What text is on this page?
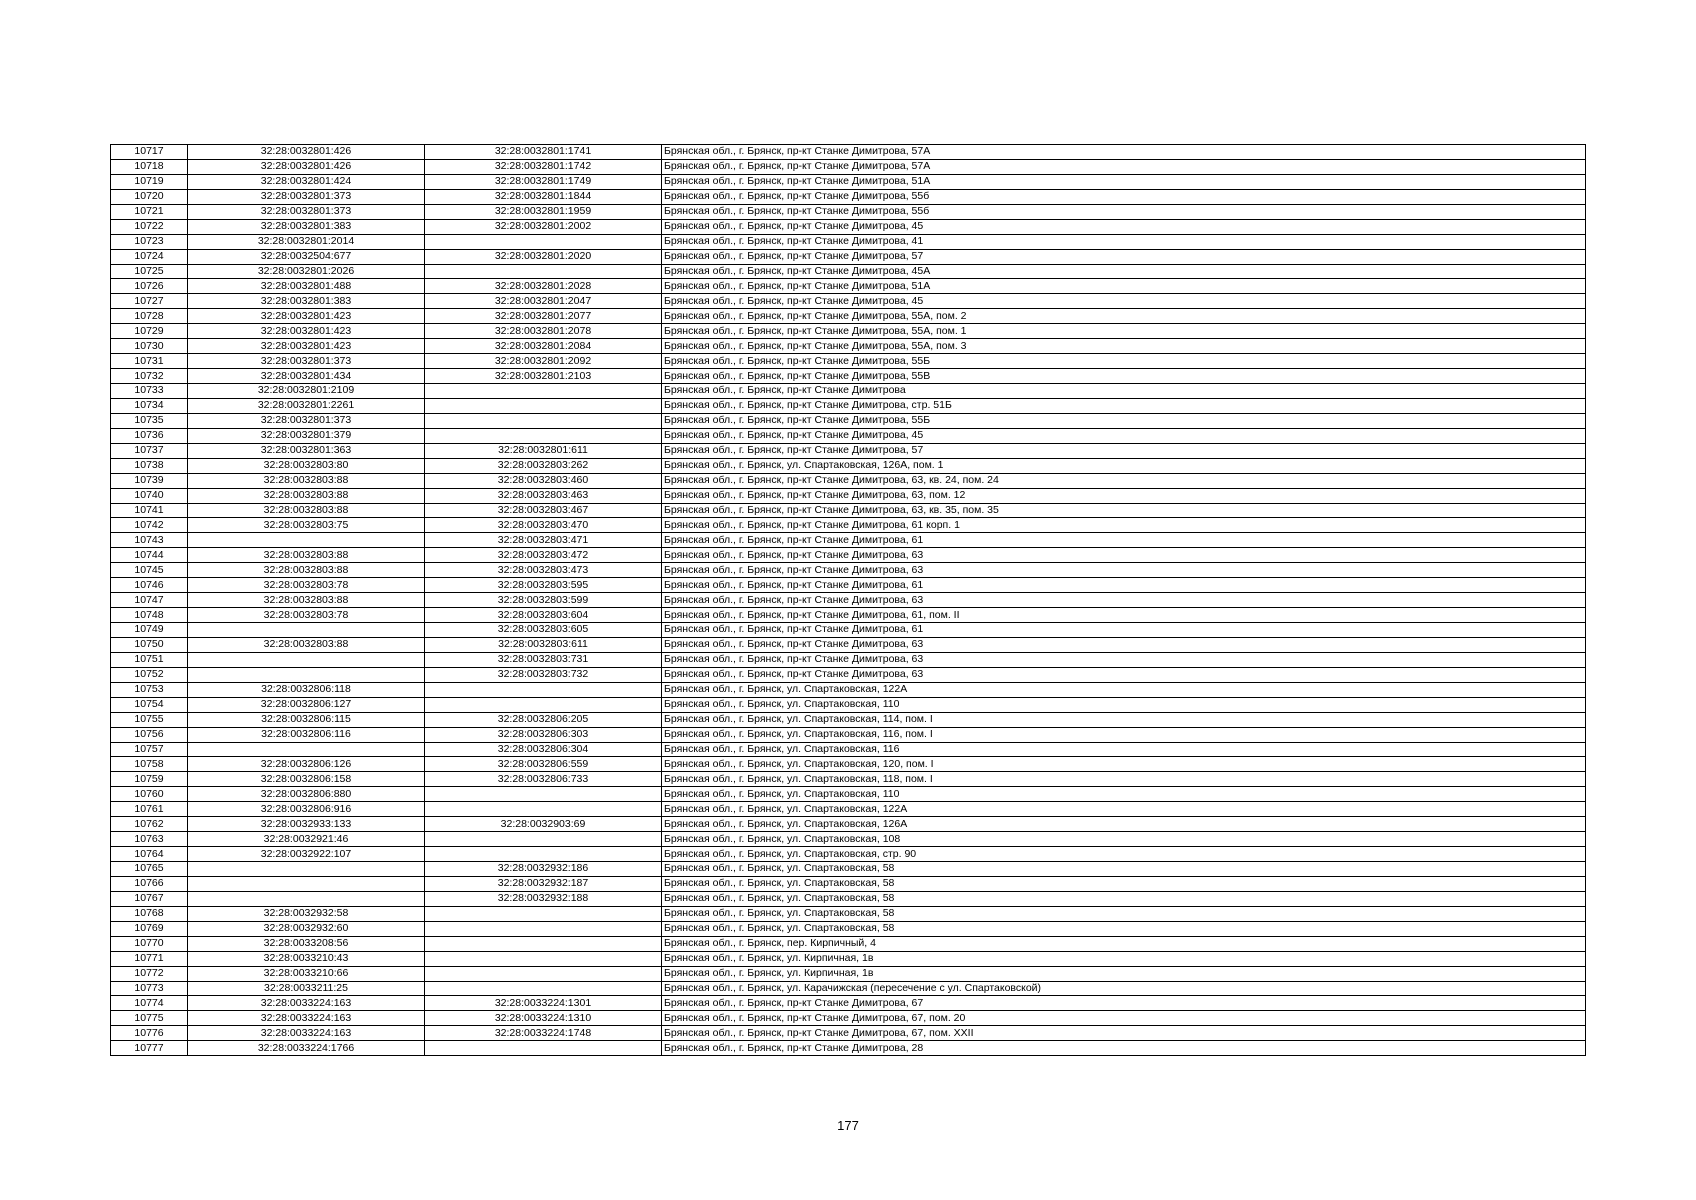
10717	32:28:0032801:426	32:28:0032801:1741	Брянская обл., г. Брянск, пр-кт Станке Димитрова, 57А
10718	32:28:0032801:426	32:28:0032801:1742	Брянская обл., г. Брянск, пр-кт Станке Димитрова, 57А
10719	32:28:0032801:424	32:28:0032801:1749	Брянская обл., г. Брянск, пр-кт Станке Димитрова, 51А
10720	32:28:0032801:373	32:28:0032801:1844	Брянская обл., г. Брянск, пр-кт Станке Димитрова, 55б
10721	32:28:0032801:373	32:28:0032801:1959	Брянская обл., г. Брянск, пр-кт Станке Димитрова, 55б
10722	32:28:0032801:383	32:28:0032801:2002	Брянская обл., г. Брянск, пр-кт Станке Димитрова, 45
10723	32:28:0032801:2014		Брянская обл., г. Брянск, пр-кт Станке Димитрова, 41
10724	32:28:0032504:677	32:28:0032801:2020	Брянская обл., г. Брянск, пр-кт Станке Димитрова, 57
10725	32:28:0032801:2026		Брянская обл., г. Брянск, пр-кт Станке Димитрова, 45А
10726	32:28:0032801:488	32:28:0032801:2028	Брянская обл., г. Брянск, пр-кт Станке Димитрова, 51А
10727	32:28:0032801:383	32:28:0032801:2047	Брянская обл., г. Брянск, пр-кт Станке Димитрова, 45
10728	32:28:0032801:423	32:28:0032801:2077	Брянская обл., г. Брянск, пр-кт Станке Димитрова, 55А, пом. 2
10729	32:28:0032801:423	32:28:0032801:2078	Брянская обл., г. Брянск, пр-кт Станке Димитрова, 55А, пом. 1
10730	32:28:0032801:423	32:28:0032801:2084	Брянская обл., г. Брянск, пр-кт Станке Димитрова, 55А, пом. 3
10731	32:28:0032801:373	32:28:0032801:2092	Брянская обл., г. Брянск, пр-кт Станке Димитрова, 55Б
10732	32:28:0032801:434	32:28:0032801:2103	Брянская обл., г. Брянск, пр-кт Станке Димитрова, 55В
10733	32:28:0032801:2109		Брянская обл., г. Брянск, пр-кт Станке Димитрова
10734	32:28:0032801:2261		Брянская обл., г. Брянск, пр-кт Станке Димитрова, стр. 51Б
10735	32:28:0032801:373		Брянская обл., г. Брянск, пр-кт Станке Димитрова, 55Б
10736	32:28:0032801:379		Брянская обл., г. Брянск, пр-кт Станке Димитрова, 45
10737	32:28:0032801:363	32:28:0032801:611	Брянская обл., г. Брянск, пр-кт Станке Димитрова, 57
10738	32:28:0032803:80	32:28:0032803:262	Брянская обл., г. Брянск, ул. Спартаковская, 126А, пом. 1
10739	32:28:0032803:88	32:28:0032803:460	Брянская обл., г. Брянск, пр-кт Станке Димитрова, 63, кв. 24, пом. 24
10740	32:28:0032803:88	32:28:0032803:463	Брянская обл., г. Брянск, пр-кт Станке Димитрова, 63, пом. 12
10741	32:28:0032803:88	32:28:0032803:467	Брянская обл., г. Брянск, пр-кт Станке Димитрова, 63, кв. 35, пом. 35
10742	32:28:0032803:75	32:28:0032803:470	Брянская обл., г. Брянск, пр-кт Станке Димитрова, 61 корп. 1
10743		32:28:0032803:471	Брянская обл., г. Брянск, пр-кт Станке Димитрова, 61
10744	32:28:0032803:88	32:28:0032803:472	Брянская обл., г. Брянск, пр-кт Станке Димитрова, 63
10745	32:28:0032803:88	32:28:0032803:473	Брянская обл., г. Брянск, пр-кт Станке Димитрова, 63
10746	32:28:0032803:78	32:28:0032803:595	Брянская обл., г. Брянск, пр-кт Станке Димитрова, 61
10747	32:28:0032803:88	32:28:0032803:599	Брянская обл., г. Брянск, пр-кт Станке Димитрова, 63
10748	32:28:0032803:78	32:28:0032803:604	Брянская обл., г. Брянск, пр-кт Станке Димитрова, 61, пом. II
10749		32:28:0032803:605	Брянская обл., г. Брянск, пр-кт Станке Димитрова, 61
10750	32:28:0032803:88	32:28:0032803:611	Брянская обл., г. Брянск, пр-кт Станке Димитрова, 63
10751		32:28:0032803:731	Брянская обл., г. Брянск, пр-кт Станке Димитрова, 63
10752		32:28:0032803:732	Брянская обл., г. Брянск, пр-кт Станке Димитрова, 63
10753	32:28:0032806:118		Брянская обл., г. Брянск, ул. Спартаковская, 122А
10754	32:28:0032806:127		Брянская обл., г. Брянск, ул. Спартаковская, 110
10755	32:28:0032806:115	32:28:0032806:205	Брянская обл., г. Брянск, ул. Спартаковская, 114, пом. I
10756	32:28:0032806:116	32:28:0032806:303	Брянская обл., г. Брянск, ул. Спартаковская, 116, пом. I
10757		32:28:0032806:304	Брянская обл., г. Брянск, ул. Спартаковская, 116
10758	32:28:0032806:126	32:28:0032806:559	Брянская обл., г. Брянск, ул. Спартаковская, 120, пом. I
10759	32:28:0032806:158	32:28:0032806:733	Брянская обл., г. Брянск, ул. Спартаковская, 118, пом. I
10760	32:28:0032806:880		Брянская обл., г. Брянск, ул. Спартаковская, 110
10761	32:28:0032806:916		Брянская обл., г. Брянск, ул. Спартаковская, 122А
10762	32:28:0032933:133	32:28:0032903:69	Брянская обл., г. Брянск, ул. Спартаковская, 126А
10763	32:28:0032921:46		Брянская обл., г. Брянск, ул. Спартаковская, 108
10764	32:28:0032922:107		Брянская обл., г. Брянск, ул. Спартаковская, стр. 90
10765		32:28:0032932:186	Брянская обл., г. Брянск, ул. Спартаковская, 58
10766		32:28:0032932:187	Брянская обл., г. Брянск, ул. Спартаковская, 58
10767		32:28:0032932:188	Брянская обл., г. Брянск, ул. Спартаковская, 58
10768	32:28:0032932:58		Брянская обл., г. Брянск, ул. Спартаковская, 58
10769	32:28:0032932:60		Брянская обл., г. Брянск, ул. Спартаковская, 58
10770	32:28:0033208:56		Брянская обл., г. Брянск, пер. Кирпичный, 4
10771	32:28:0033210:43		Брянская обл., г. Брянск, ул. Кирпичная, 1в
10772	32:28:0033210:66		Брянская обл., г. Брянск, ул. Кирпичная, 1в
10773	32:28:0033211:25		Брянская обл., г. Брянск, ул. Карачижская (пересечение с ул. Спартаковской)
10774	32:28:0033224:163	32:28:0033224:1301	Брянская обл., г. Брянск, пр-кт Станке Димитрова, 67
10775	32:28:0033224:163	32:28:0033224:1310	Брянская обл., г. Брянск, пр-кт Станке Димитрова, 67, пом. 20
10776	32:28:0033224:163	32:28:0033224:1748	Брянская обл., г. Брянск, пр-кт Станке Димитрова, 67, пом. XXII
10777	32:28:0033224:1766		Брянская обл., г. Брянск, пр-кт Станке Димитрова, 28
177
